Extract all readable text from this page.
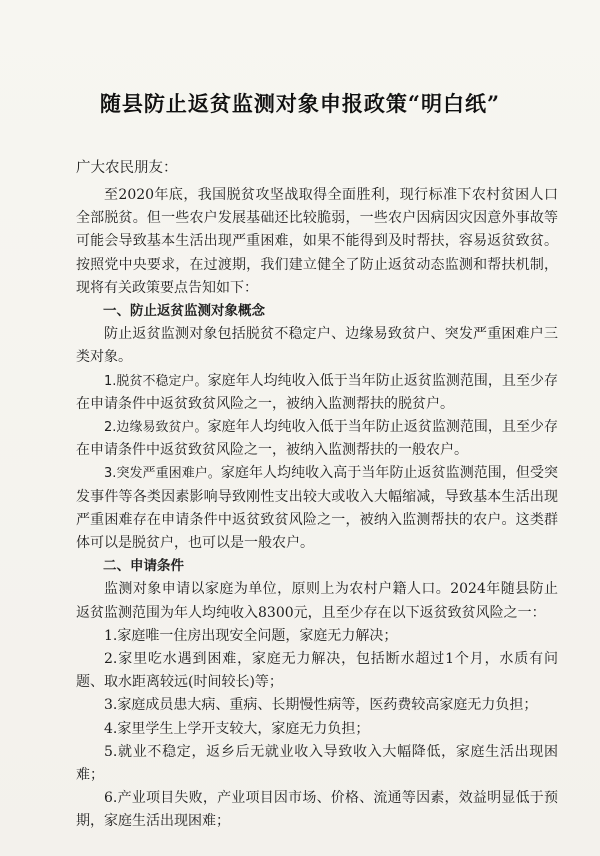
随县防止返贫监测对象申报政策“明白纸”
广大农民朋友：

至2020年底，我国脱贫攻坚战取得全面胜利，现行标准下农村贫困人口全部脱贫。但一些农户发展基础还比较脆弱，一些农户因病因灾因意外事故等可能会导致基本生活出现严重困难，如果不能得到及时帮扶，容易返贫致贫。按照党中央要求，在过渡期，我们建立健全了防止返贫动态监测和帮扶机制，现将有关政策要点告知如下：

一、防止返贫监测对象概念

防止返贫监测对象包括脱贫不稳定户、边缘易致贫户、突发严重困难户三类对象。

1.脱贫不稳定户。家庭年人均纯收入低于当年防止返贫监测范围，且至少存在申请条件中返贫致贫风险之一，被纳入监测帮扶的脱贫户。

2.边缘易致贫户。家庭年人均纯收入低于当年防止返贫监测范围，且至少存在申请条件中返贫致贫风险之一，被纳入监测帮扶的一般农户。

3.突发严重困难户。家庭年人均纯收入高于当年防止返贫监测范围，但受突发事件等各类因素影响导致刚性支出较大或收入大幅缩减，导致基本生活出现严重困难存在申请条件中返贫致贫风险之一，被纳入监测帮扶的农户。这类群体可以是脱贫户，也可以是一般农户。

二、申请条件

监测对象申请以家庭为单位，原则上为农村户籍人口。2024年随县防止返贫监测范围为年人均纯收入8300元，且至少存在以下返贫致贫风险之一：

1.家庭唯一住房出现安全问题，家庭无力解决；

2.家里吃水遇到困难，家庭无力解决，包括断水超过1个月，水质有问题、取水距离较远(时间较长)等；

3.家庭成员患大病、重病、长期慢性病等，医药费较高家庭无力负担；

4.家里学生上学开支较大，家庭无力负担；

5.就业不稳定，返乡后无就业收入导致收入大幅降低，家庭生活出现困难；

6.产业项目失败，产业项目因市场、价格、流通等因素，效益明显低于预期，家庭生活出现困难；
